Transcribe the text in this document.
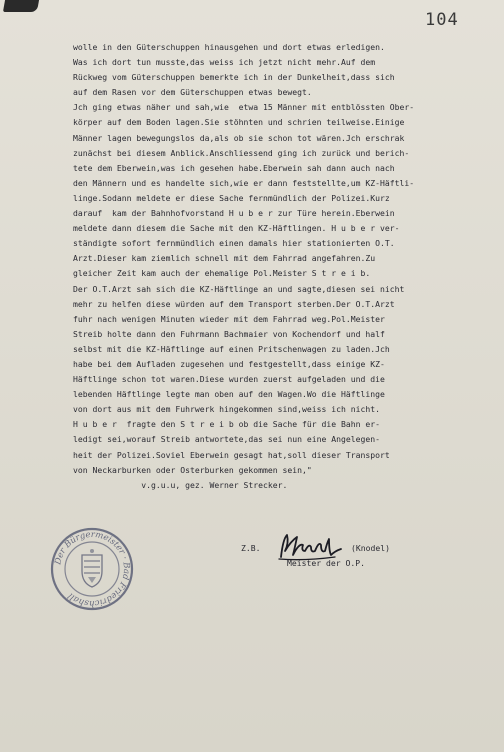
104
wolle in den Güterschuppen hinausgehen und dort etwas erledigen.
Was ich dort tun musste,das weiss ich jetzt nicht mehr.Auf dem
Rückweg vom Güterschuppen bemerkte ich in der Dunkelheit,dass sich
auf dem Rasen vor dem Güterschuppen etwas bewegt.
Jch ging etwas näher und sah,wie  etwa 15 Männer mit entblössten Ober-
körper auf dem Boden lagen.Sie stöhnten und schrien teilweise.Einige
Männer lagen bewegungslos da,als ob sie schon tot wären.Jch erschrak
zunächst bei diesem Anblick.Anschliessend ging ich zurück und berich-
tete dem Eberwein,was ich gesehen habe.Eberwein sah dann auch nach
den Männern und es handelte sich,wie er dann feststellte,um KZ-Häftli-
linge.Sodann meldete er diese Sache fernmündlich der Polizei.Kurz
darauf  kam der Bahnhofvorstand H u b e r zur Türe herein.Eberwein
meldete dann diesem die Sache mit den KZ-Häftlingen. H u b e r ver-
ständigte sofort fernmündlich einen damals hier stationierten O.T.
Arzt.Dieser kam ziemlich schnell mit dem Fahrrad angefahren.Zu
gleicher Zeit kam auch der ehemalige Pol.Meister S t r e i b.
Der O.T.Arzt sah sich die KZ-Häftlinge an und sagte,diesen sei nicht
mehr zu helfen diese würden auf dem Transport sterben.Der O.T.Arzt
fuhr nach wenigen Minuten wieder mit dem Fahrrad weg.Pol.Meister
Streib holte dann den Fuhrmann Bachmaier von Kochendorf und half
selbst mit die KZ-Häftlinge auf einen Pritschenwagen zu laden.Jch
habe bei dem Aufladen zugesehen und festgestellt,dass einige KZ-
Häftlinge schon tot waren.Diese wurden zuerst aufgeladen und die
lebenden Häftlinge legte man oben auf den Wagen.Wo die Häftlinge
von dort aus mit dem Fuhrwerk hingekommen sind,weiss ich nicht.
H u b e r  fragte den S t r e i b ob die Sache für die Bahn er-
ledigt sei,worauf Streib antwortete,das sei nun eine Angelegen-
heit der Polizei.Soviel Eberwein gesagt hat,soll dieser Transport
von Neckarburken oder Osterburken gekommen sein,"
v.g.u.u, gez. Werner Strecker.
Der Bürgermeister · Bad Friedrichshall
Z.B.	(Knodel)
Meister der O.P.
